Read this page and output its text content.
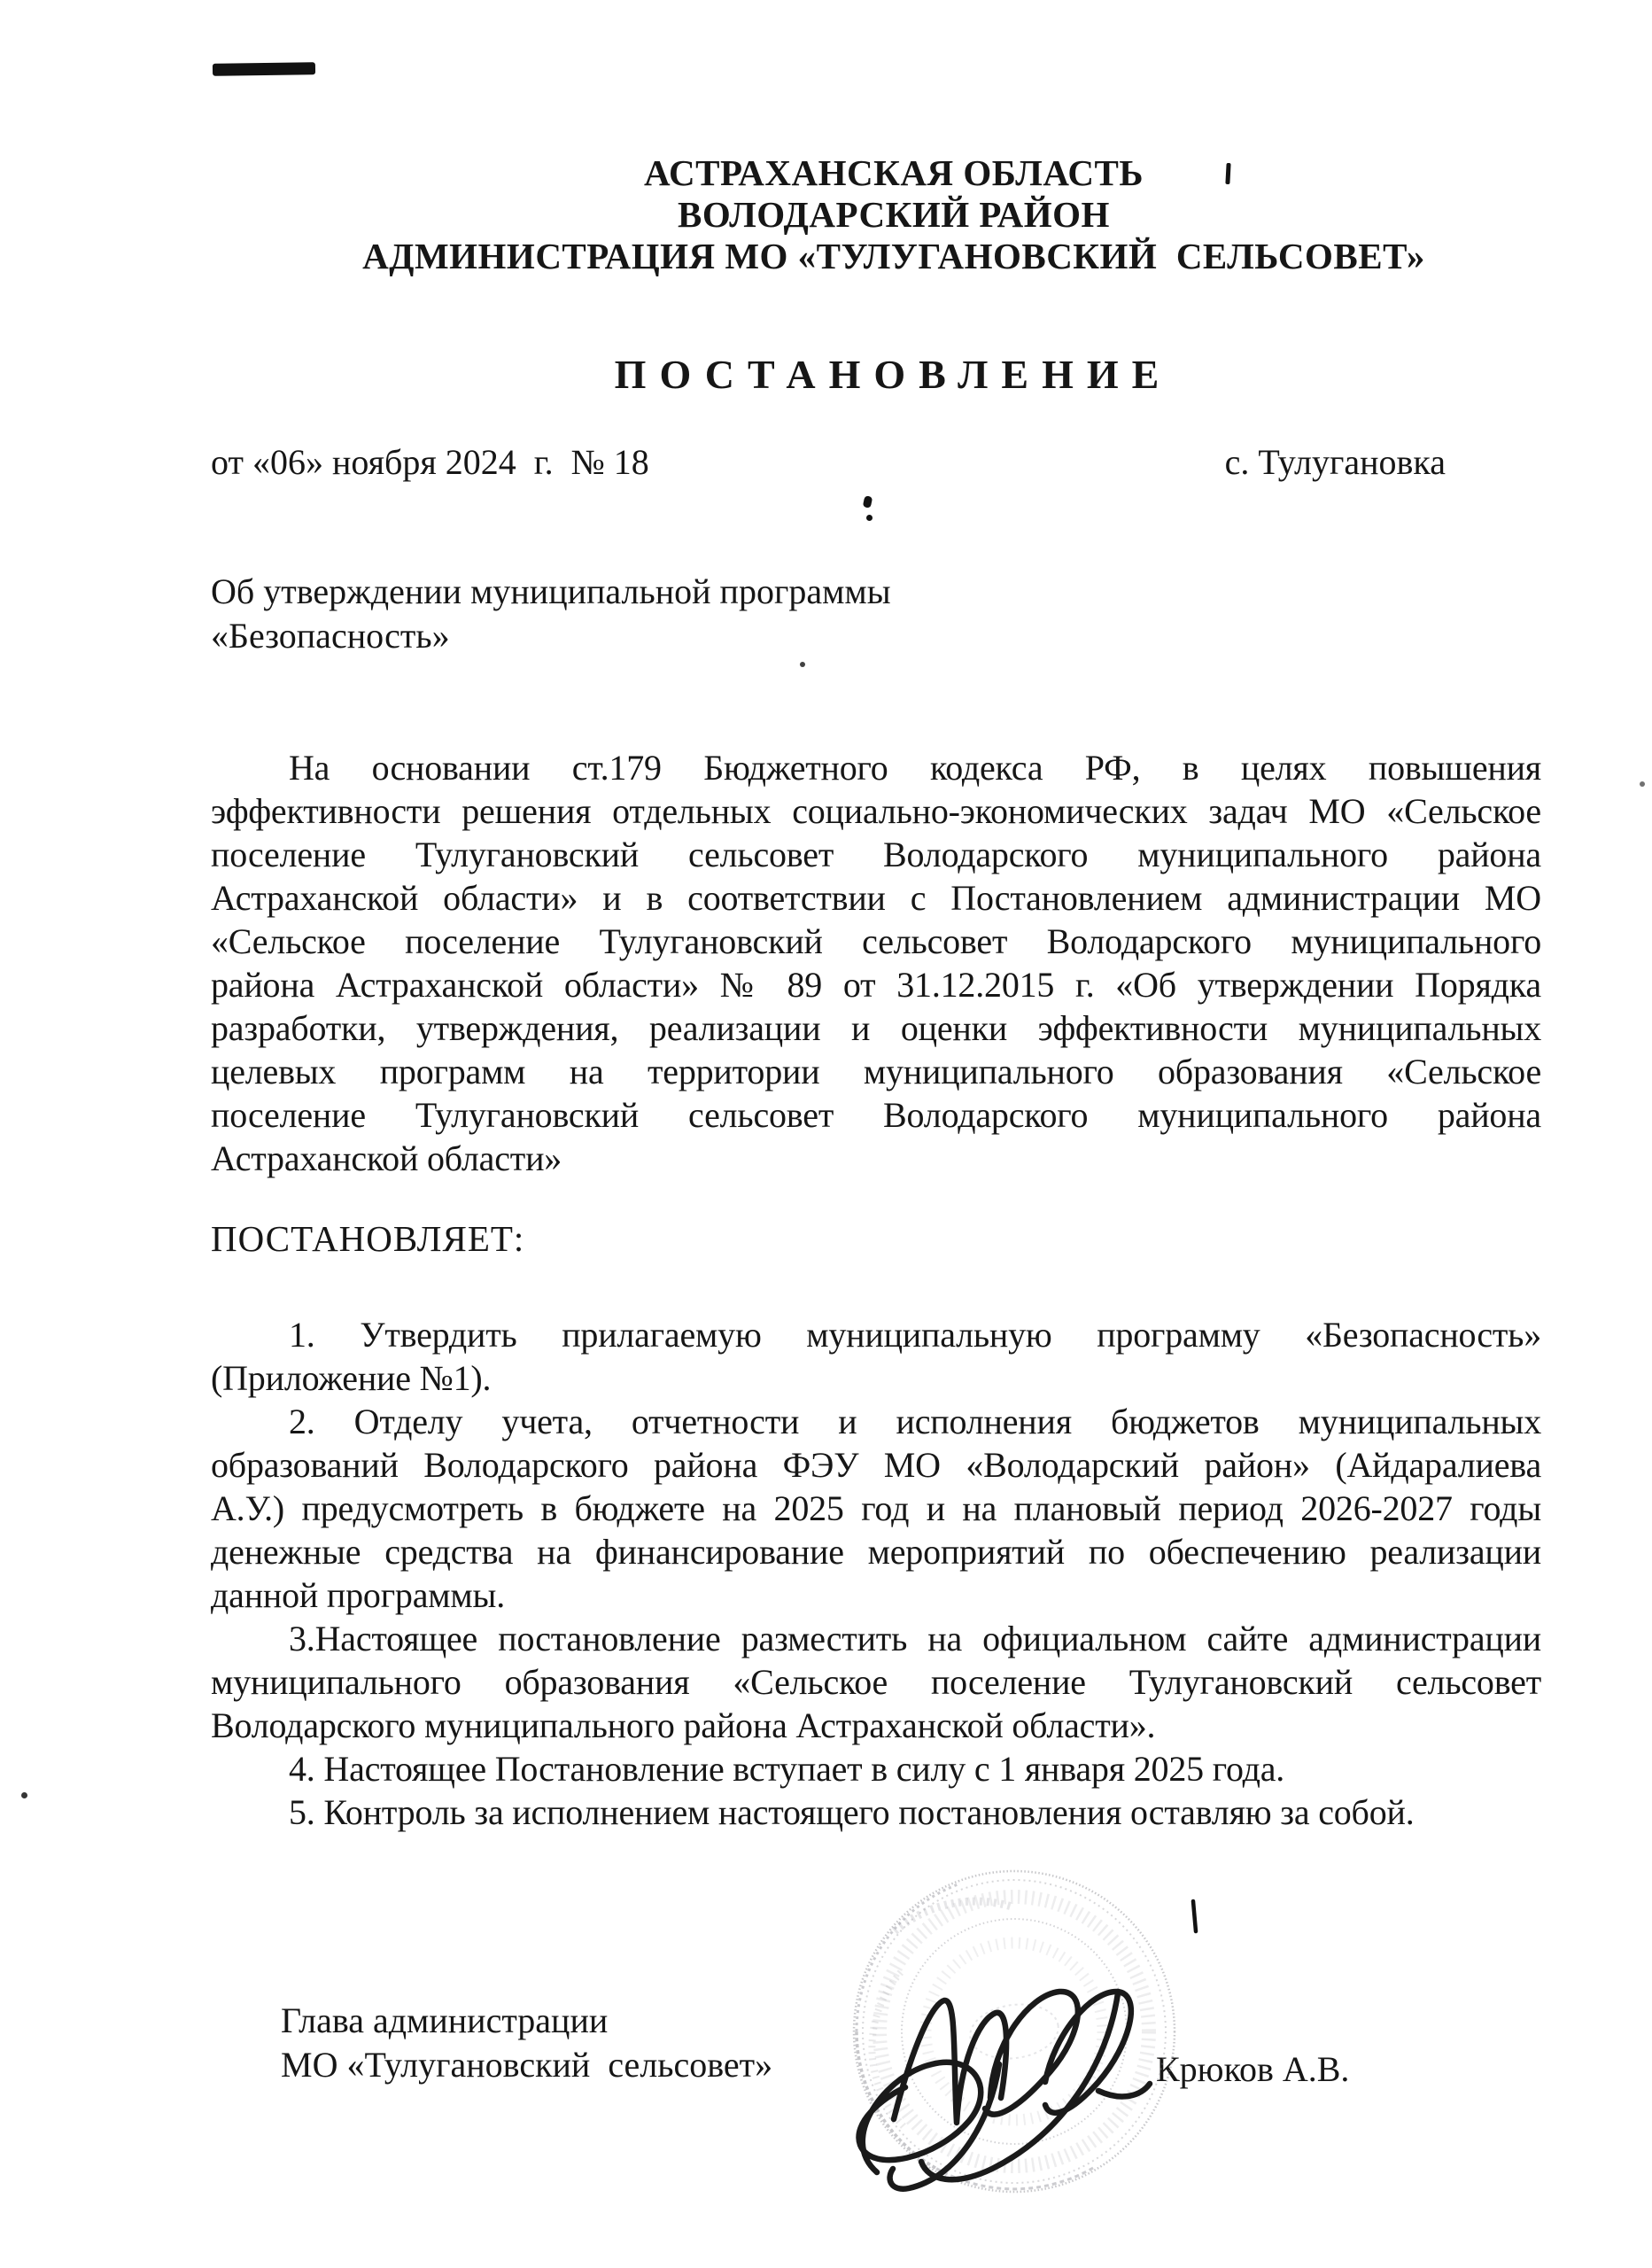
АСТРАХАНСКАЯ ОБЛАСТЬ
ВОЛОДАРСКИЙ РАЙОН
АДМИНИСТРАЦИЯ МО «ТУЛУГАНОВСКИЙ  СЕЛЬСОВЕТ»
ПОСТАНОВЛЕНИЕ
от «06» ноября 2024  г.  № 18	с. Тулугановка
Об утверждении муниципальной программы
«Безопасность»
На основании ст.179 Бюджетного кодекса РФ, в целях повышения
эффективности решения отдельных социально-экономических задач МО «Сельское
поселение Тулугановский сельсовет Володарского муниципального района
Астраханской области» и в соответствии с Постановлением администрации МО
«Сельское поселение Тулугановский сельсовет Володарского муниципального
района Астраханской области» № 89 от 31.12.2015 г. «Об утверждении Порядка
разработки, утверждения, реализации и оценки эффективности муниципальных
целевых программ на территории муниципального образования «Сельское
поселение Тулугановский сельсовет Володарского муниципального района
Астраханской области»
ПОСТАНОВЛЯЕТ:
1. Утвердить прилагаемую муниципальную программу «Безопасность»
(Приложение №1).
2. Отделу учета, отчетности и исполнения бюджетов муниципальных
образований Володарского района ФЭУ МО «Володарский район» (Айдаралиева
А.У.) предусмотреть в бюджете на 2025 год и на плановый период 2026-2027 годы
денежные средства на финансирование мероприятий по обеспечению реализации
данной программы.
3.Настоящее постановление разместить на официальном сайте администрации
муниципального образования «Сельское поселение Тулугановский сельсовет
Володарского муниципального района Астраханской области».
4. Настоящее Постановление вступает в силу с 1 января 2025 года.
5. Контроль за исполнением настоящего постановления оставляю за собой.
Глава администрации
МО «Тулугановский  сельсовет»	Крюков А.В.
